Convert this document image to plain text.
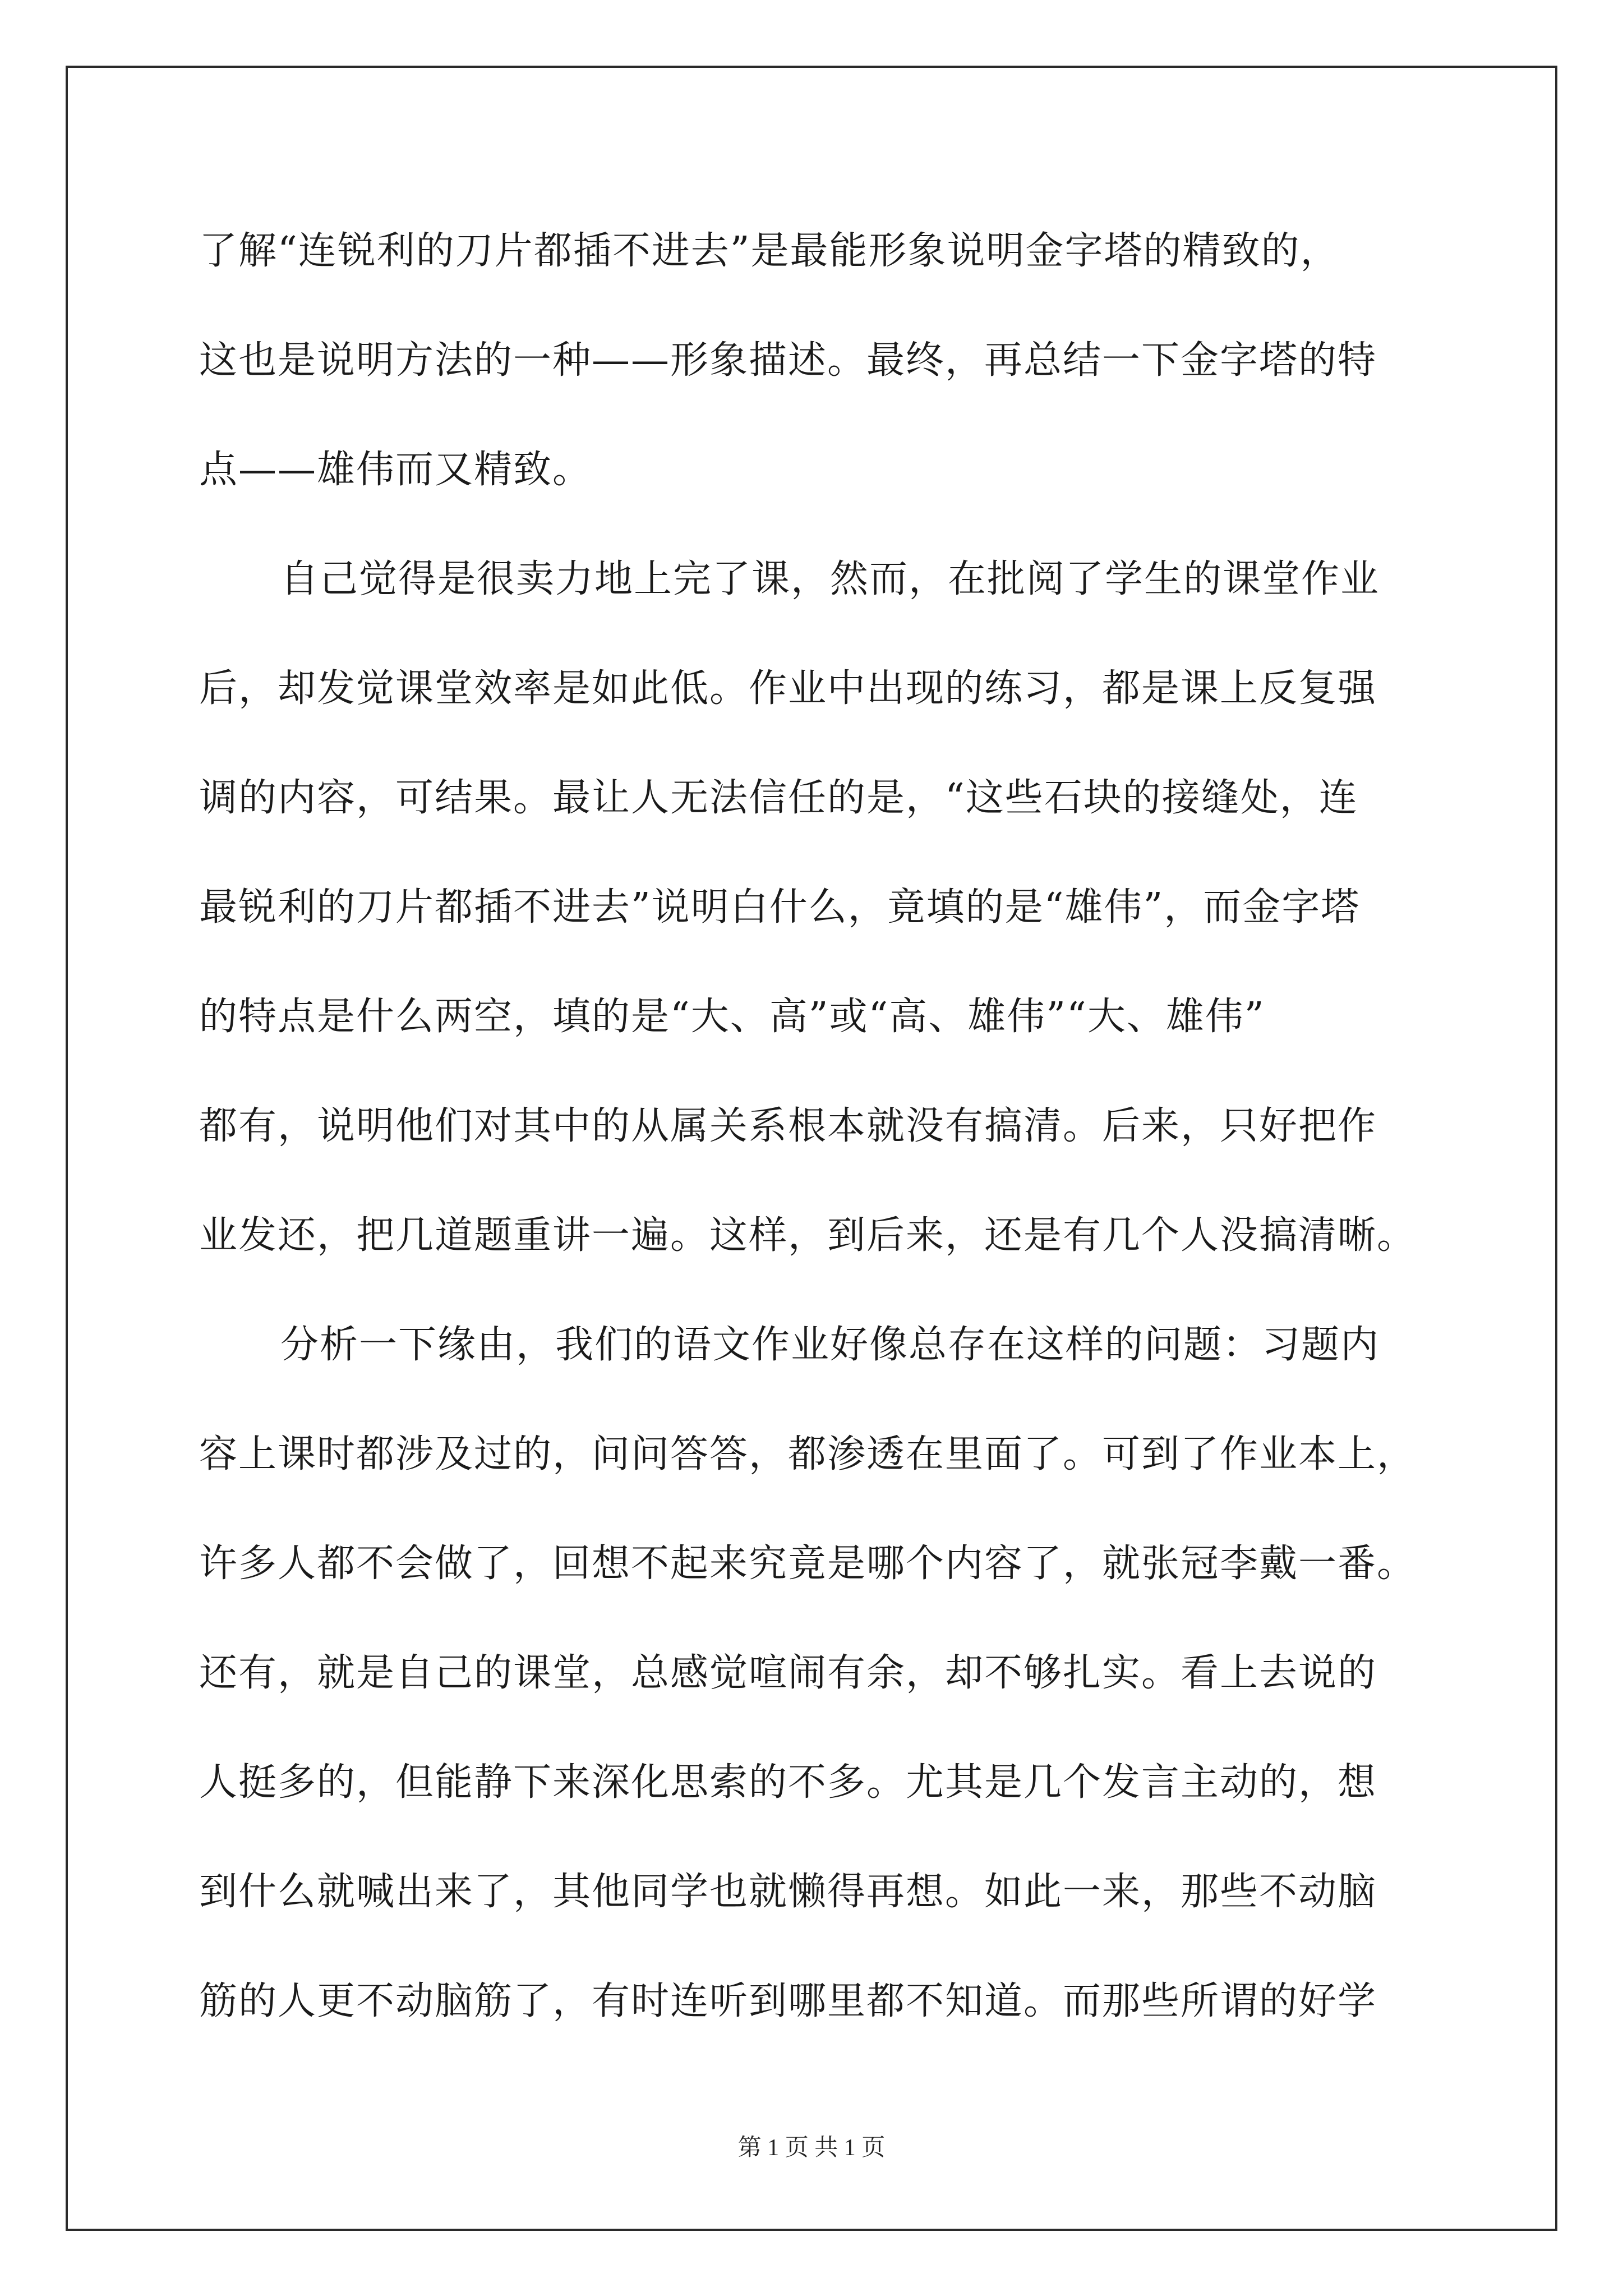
了解“连锐利的刀片都插不进去”是最能形象说明金字塔的精致的，
这也是说明方法的一种——形象描述。最终，再总结一下金字塔的特
点——雄伟而又精致。
自己觉得是很卖力地上完了课，然而，在批阅了学生的课堂作业
后，却发觉课堂效率是如此低。作业中出现的练习，都是课上反复强
调的内容，可结果。最让人无法信任的是，“这些石块的接缝处，连
最锐利的刀片都插不进去”说明白什么，竟填的是“雄伟”，而金字塔
的特点是什么两空，填的是“大、高”或“高、雄伟”“大、雄伟”
都有，说明他们对其中的从属关系根本就没有搞清。后来，只好把作
业发还，把几道题重讲一遍。这样，到后来，还是有几个人没搞清晰。
分析一下缘由，我们的语文作业好像总存在这样的问题：习题内
容上课时都涉及过的，问问答答，都渗透在里面了。可到了作业本上，
许多人都不会做了，回想不起来究竟是哪个内容了，就张冠李戴一番。
还有，就是自己的课堂，总感觉喧闹有余，却不够扎实。看上去说的
人挺多的，但能静下来深化思索的不多。尤其是几个发言主动的，想
到什么就喊出来了，其他同学也就懒得再想。如此一来，那些不动脑
筋的人更不动脑筋了，有时连听到哪里都不知道。而那些所谓的好学
第 1 页 共 1 页
